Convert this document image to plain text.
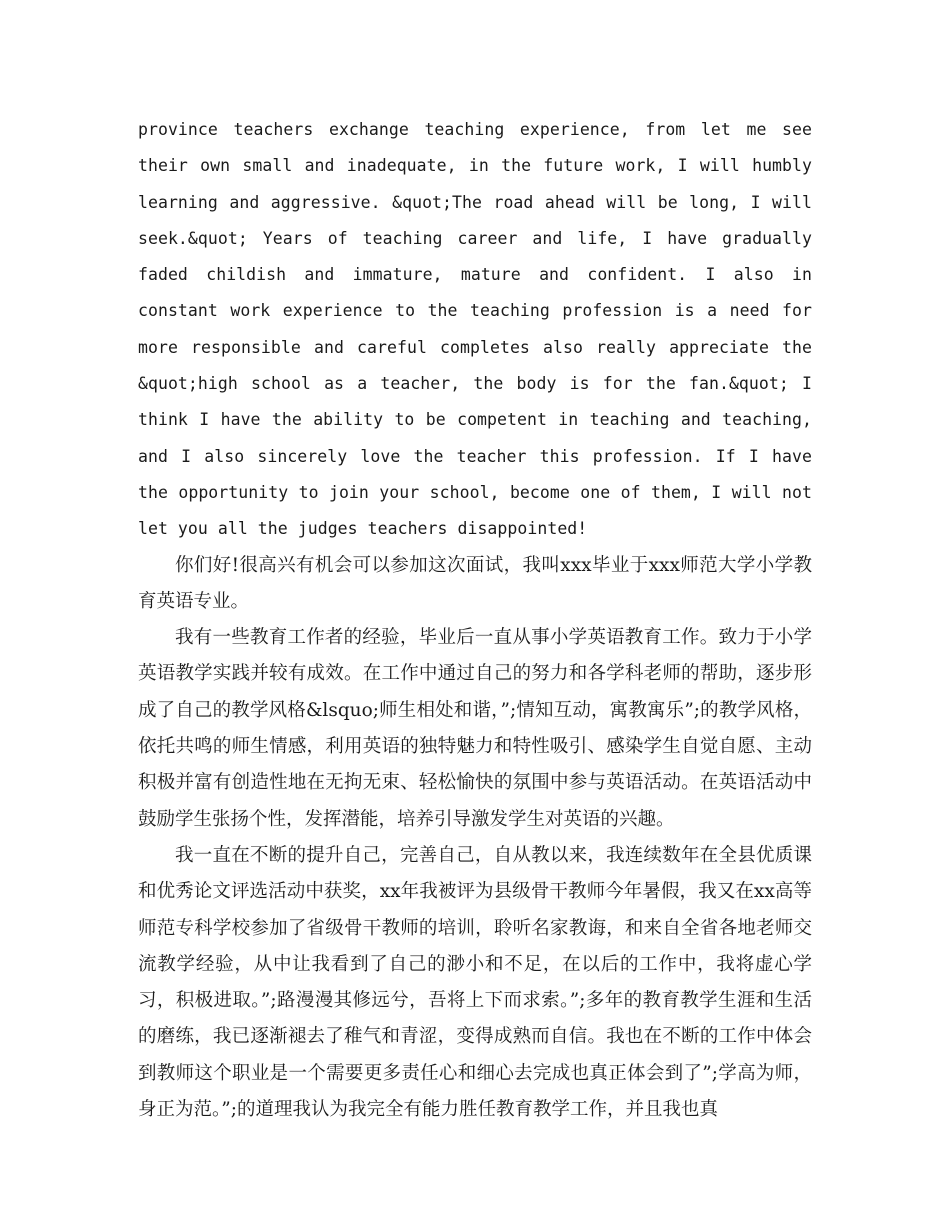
province teachers exchange teaching experience, from let me see their own small and inadequate, in the future work, I will humbly learning and aggressive. &quot;The road ahead will be long, I will seek.&quot; Years of teaching career and life, I have gradually faded childish and immature, mature and confident. I also in constant work experience to the teaching profession is a need for more responsible and careful completes also really appreciate the &quot;high school as a teacher, the body is for the fan.&quot; I think I have the ability to be competent in teaching and teaching, and I also sincerely love the teacher this profession. If I have the opportunity to join your school, become one of them, I will not let you all the judges teachers disappointed!

你们好!很高兴有机会可以参加这次面试，我叫xxx毕业于xxx师范大学小学教育英语专业。

我有一些教育工作者的经验，毕业后一直从事小学英语教育工作。致力于小学英语教学实践并较有成效。在工作中通过自己的努力和各学科老师的帮助，逐步形成了自己的教学风格&lsquo;师生相处和谐，”;情知互动，寓教寓乐”;的教学风格，依托共鸣的师生情感，利用英语的独特魅力和特性吸引、感染学生自觉自愿、主动积极并富有创造性地在无拘无束、轻松愉快的氛围中参与英语活动。在英语活动中鼓励学生张扬个性，发挥潜能，培养引导激发学生对英语的兴趣。

我一直在不断的提升自己，完善自己，自从教以来，我连续数年在全县优质课和优秀论文评选活动中获奖，xx年我被评为县级骨干教师今年暑假，我又在xx高等师范专科学校参加了省级骨干教师的培训，聆听名家教诲，和来自全省各地老师交流教学经验，从中让我看到了自己的渺小和不足，在以后的工作中，我将虚心学习，积极进取。”;路漫漫其修远兮，吾将上下而求索。”;多年的教育教学生涯和生活的磨练，我已逐渐褪去了稚气和青涩，变得成熟而自信。我也在不断的工作中体会到教师这个职业是一个需要更多责任心和细心去完成也真正体会到了”;学高为师，身正为范。”;的道理我认为我完全有能力胜任教育教学工作，并且我也真
